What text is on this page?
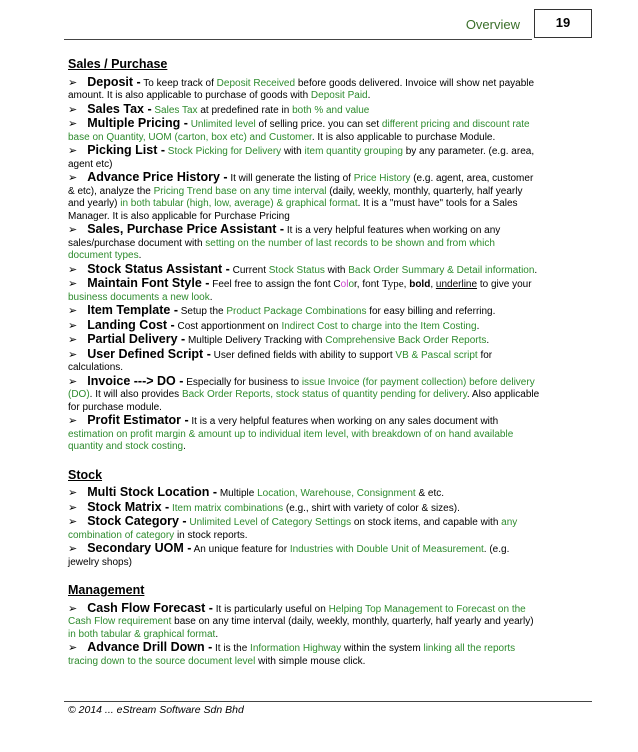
Overview	19
Sales / Purchase

➢ Deposit - To keep track of Deposit Received before goods delivered. Invoice will show net payable amount. It is also applicable to purchase of goods with Deposit Paid.

➢ Sales Tax - Sales Tax at predefined rate in both % and value

➢ Multiple Pricing - Unlimited level of selling price. you can set different pricing and discount rate base on Quantity, UOM (carton, box etc) and Customer. It is also applicable to purchase Module.

➢ Picking List - Stock Picking for Delivery with item quantity grouping by any parameter. (e.g. area, agent etc)

➢ Advance Price History - It will generate the listing of Price History (e.g. agent, area, customer & etc), analyze the Pricing Trend base on any time interval (daily, weekly, monthly, quarterly, half yearly and yearly) in both tabular (high, low, average) & graphical format. It is a "must have" tools for a Sales Manager. It is also applicable for Purchase Pricing

➢ Sales, Purchase Price Assistant - It is a very helpful features when working on any sales/purchase document with setting on the number of last records to be shown and from which document types.

➢ Stock Status Assistant - Current Stock Status with Back Order Summary & Detail information.

➢ Maintain Font Style - Feel free to assign the font Color, font Type, bold, underline to give your business documents a new look.

➢ Item Template - Setup the Product Package Combinations for easy billing and referring.

➢ Landing Cost - Cost apportionment on Indirect Cost to charge into the Item Costing.

➢ Partial Delivery - Multiple Delivery Tracking with Comprehensive Back Order Reports.

➢ User Defined Script - User defined fields with ability to support VB & Pascal script for calculations.

➢ Invoice ---> DO - Especially for business to issue Invoice (for payment collection) before delivery (DO). It will also provides Back Order Reports, stock status of quantity pending for delivery. Also applicable for purchase module.

➢ Profit Estimator - It is a very helpful features when working on any sales document with estimation on profit margin & amount up to individual item level, with breakdown of on hand available quantity and stock costing.

Stock

➢ Multi Stock Location - Multiple Location, Warehouse, Consignment & etc.

➢ Stock Matrix - Item matrix combinations (e.g., shirt with variety of color & sizes).

➢ Stock Category - Unlimited Level of Category Settings on stock items, and capable with any combination of category in stock reports.

➢ Secondary UOM - An unique feature for Industries with Double Unit of Measurement. (e.g. jewelry shops)

Management

➢ Cash Flow Forecast - It is particularly useful on Helping Top Management to Forecast on the Cash Flow requirement base on any time interval (daily, weekly, monthly, quarterly, half yearly and yearly) in both tabular & graphical format.

➢ Advance Drill Down - It is the Information Highway within the system linking all the reports tracing down to the source document level with simple mouse click.

© 2014 ... eStream Software Sdn Bhd
